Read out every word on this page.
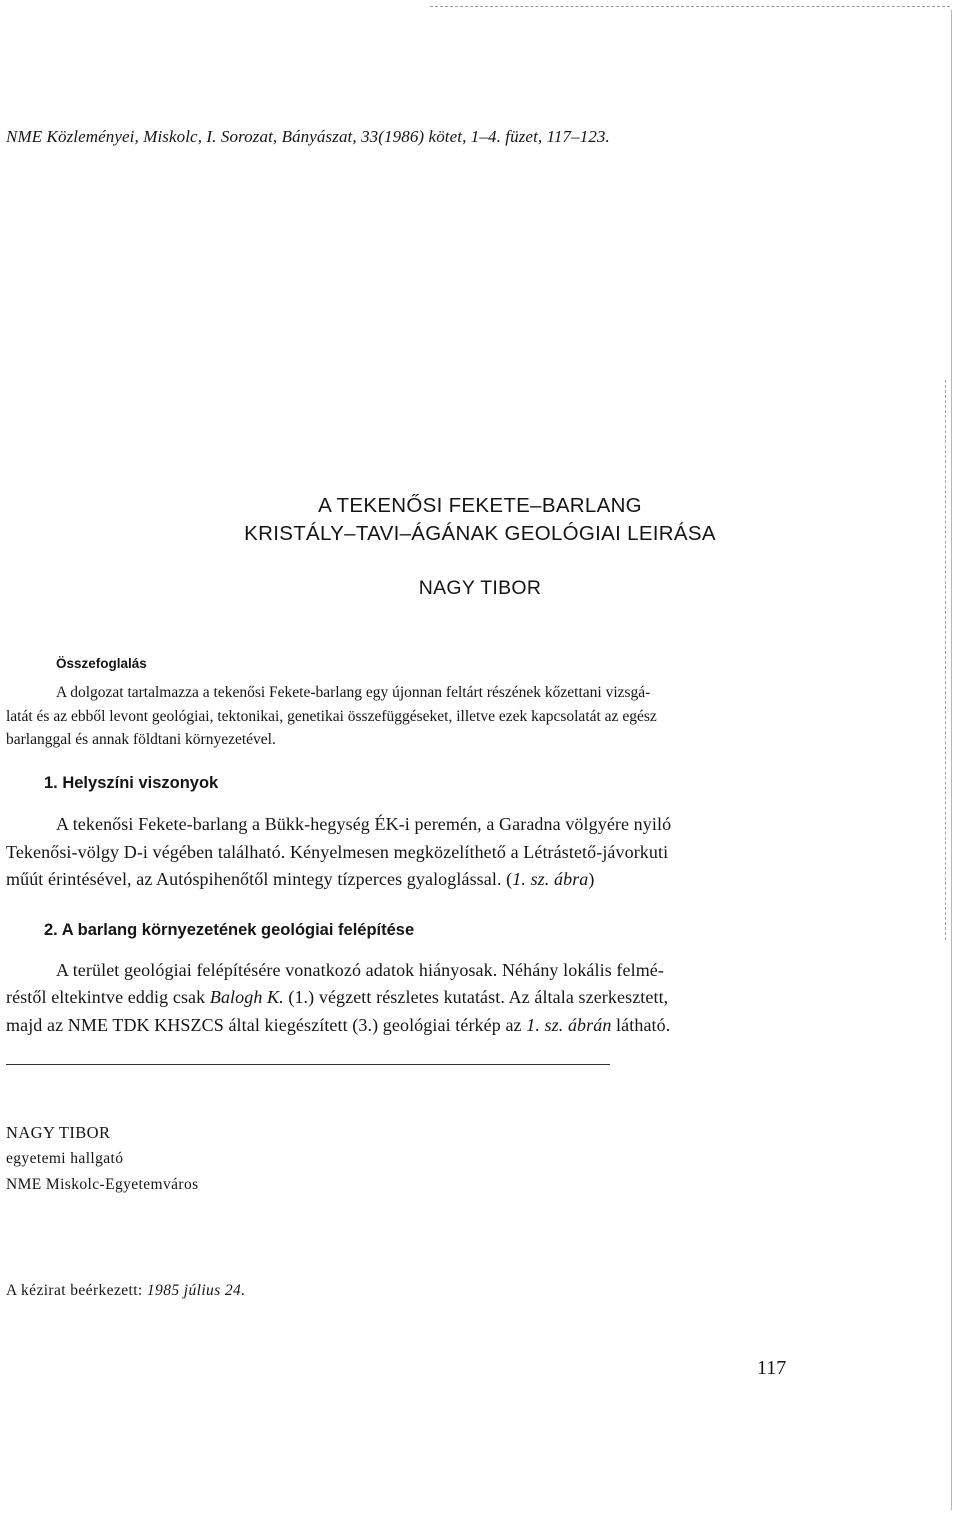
NME Közleményei, Miskolc, I. Sorozat, Bányászat, 33(1986) kötet, 1–4. füzet, 117–123.
A TEKENŐSI FEKETE–BARLANG
KRISTÁLY–TAVI–ÁGÁNAK GEOLÓGIAI LEIRÁSA
NAGY TIBOR
Összefoglalás
A dolgozat tartalmazza a tekenősi Fekete-barlang egy újonnan feltárt részének kőzettani vizsgá-
latát és az ebből levont geológiai, tektonikai, genetikai összefüggéseket, illetve ezek kapcsolatát az egész
barlanggal és annak földtani környezetével.
1. Helyszíni viszonyok
A tekenősi Fekete-barlang a Bükk-hegység ÉK-i peremén, a Garadna völgyére nyiló
Tekenősi-völgy D-i végében található. Kényelmesen megközelíthető a Létrástető-jávorkuti
műút érintésével, az Autóspihenőtől mintegy tízperces gyaloglással. (1. sz. ábra)
2. A barlang környezetének geológiai felépítése
A terület geológiai felépítésére vonatkozó adatok hiányosak. Néhány lokális felmé-
réstől eltekintve eddig csak Balogh K. (1.) végzett részletes kutatást. Az általa szerkesztett,
majd az NME TDK KHSZCS által kiegészített (3.) geológiai térkép az 1. sz. ábrán látható.
NAGY TIBOR
egyetemi hallgató
NME Miskolc-Egyetemváros
A kézirat beérkezett: 1985 július 24.
117
